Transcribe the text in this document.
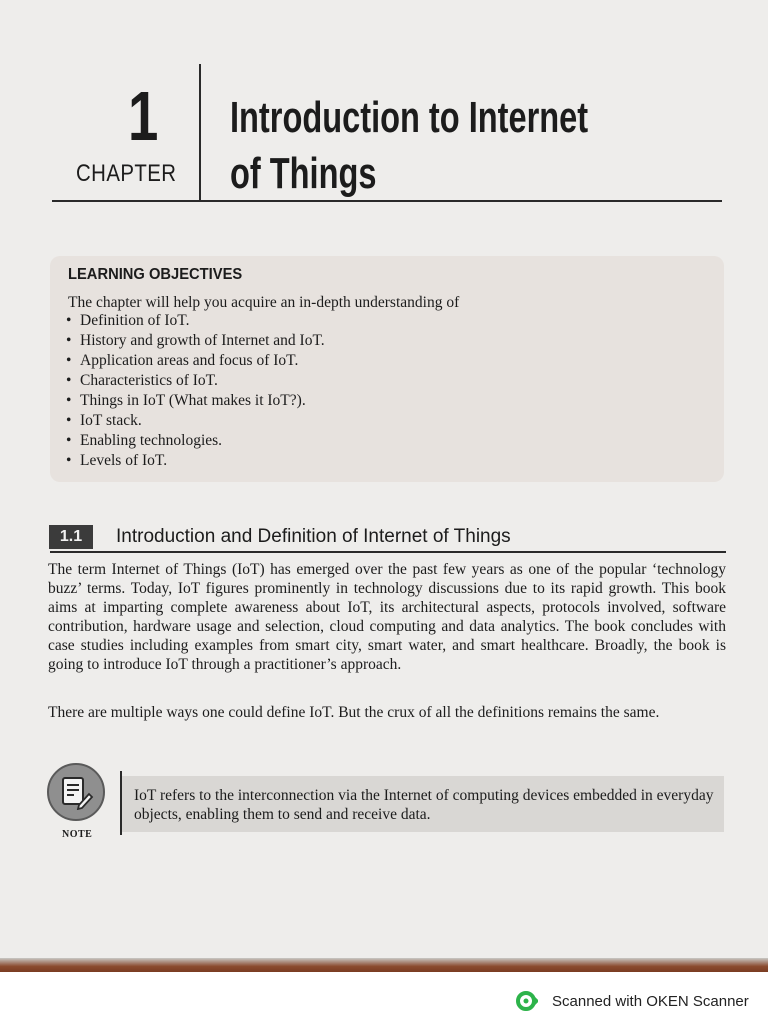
1
CHAPTER
Introduction to Internet
of Things
LEARNING OBJECTIVES
The chapter will help you acquire an in-depth understanding of
• Definition of IoT.
• History and growth of Internet and IoT.
• Application areas and focus of IoT.
• Characteristics of IoT.
• Things in IoT (What makes it IoT?).
• IoT stack.
• Enabling technologies.
• Levels of IoT.
1.1	Introduction and Definition of Internet of Things
The term Internet of Things (IoT) has emerged over the past few years as one of the popular ‘technology buzz’ terms. Today, IoT figures prominently in technology discussions due to its rapid growth. This book aims at imparting complete awareness about IoT, its architectural aspects, protocols involved, software contribution, hardware usage and selection, cloud computing and data analytics. The book concludes with case studies including examples from smart city, smart water, and smart healthcare. Broadly, the book is going to introduce IoT through a practitioner’s approach.
There are multiple ways one could define IoT. But the crux of all the definitions remains the same.
NOTE
IoT refers to the interconnection via the Internet of computing devices embedded in everyday objects, enabling them to send and receive data.
Scanned with OKEN Scanner
